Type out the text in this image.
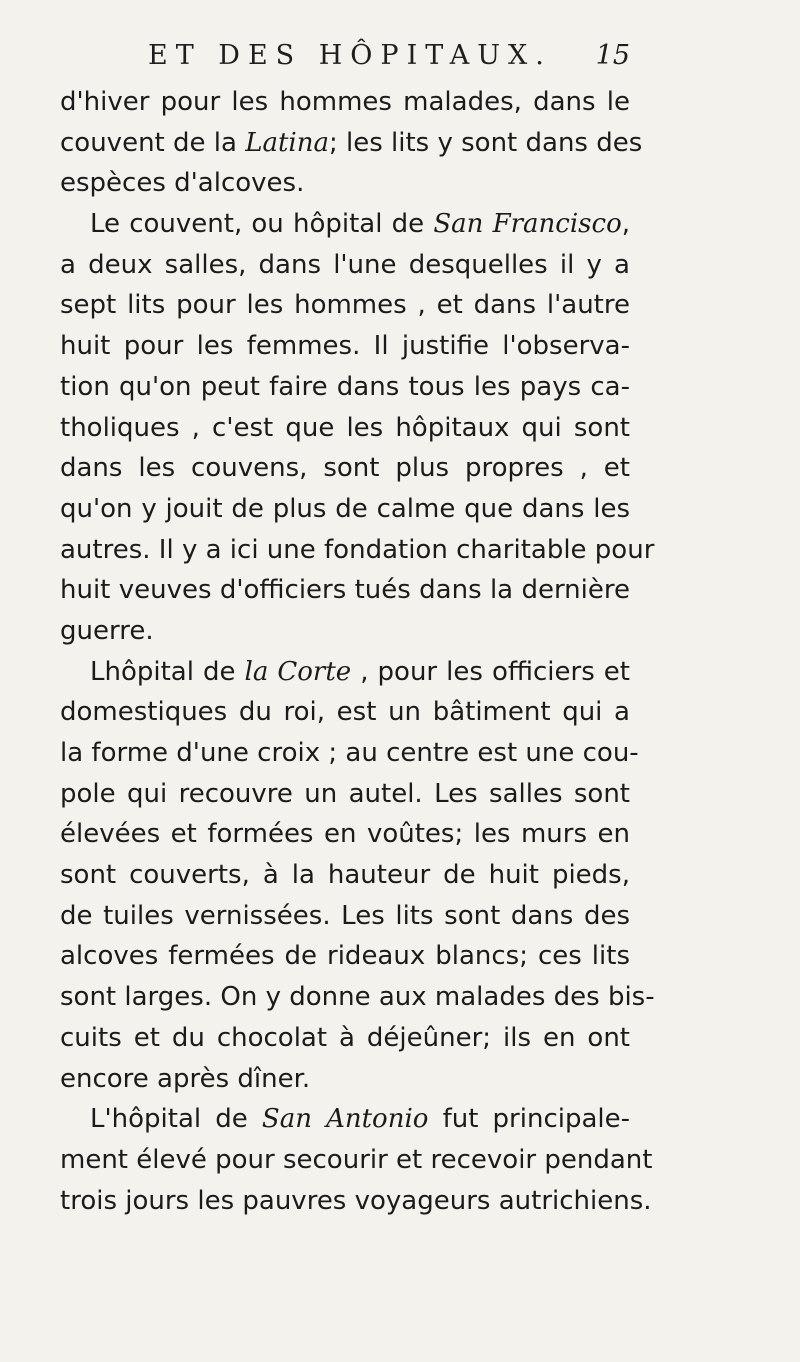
ET DES HÔPITAUX. 15
d'hiver pour les hommes malades, dans le
couvent de la Latina; les lits y sont dans des
espèces d'alcoves.
Le couvent, ou hôpital de San Francisco,
a deux salles, dans l'une desquelles il y a
sept lits pour les hommes , et dans l'autre
huit pour les femmes. Il justifie l'observa-
tion qu'on peut faire dans tous les pays ca-
tholiques , c'est que les hôpitaux qui sont
dans les couvens, sont plus propres , et
qu'on y jouit de plus de calme que dans les
autres. Il y a ici une fondation charitable pour
huit veuves d'officiers tués dans la dernière
guerre.
Lhôpital de la Corte , pour les officiers et
domestiques du roi, est un bâtiment qui a
la forme d'une croix ; au centre est une cou-
pole qui recouvre un autel. Les salles sont
élevées et formées en voûtes; les murs en
sont couverts, à la hauteur de huit pieds,
de tuiles vernissées. Les lits sont dans des
alcoves fermées de rideaux blancs; ces lits
sont larges. On y donne aux malades des bis-
cuits et du chocolat à déjeûner; ils en ont
encore après dîner.
L'hôpital de San Antonio fut principale-
ment élevé pour secourir et recevoir pendant
trois jours les pauvres voyageurs autrichiens.
